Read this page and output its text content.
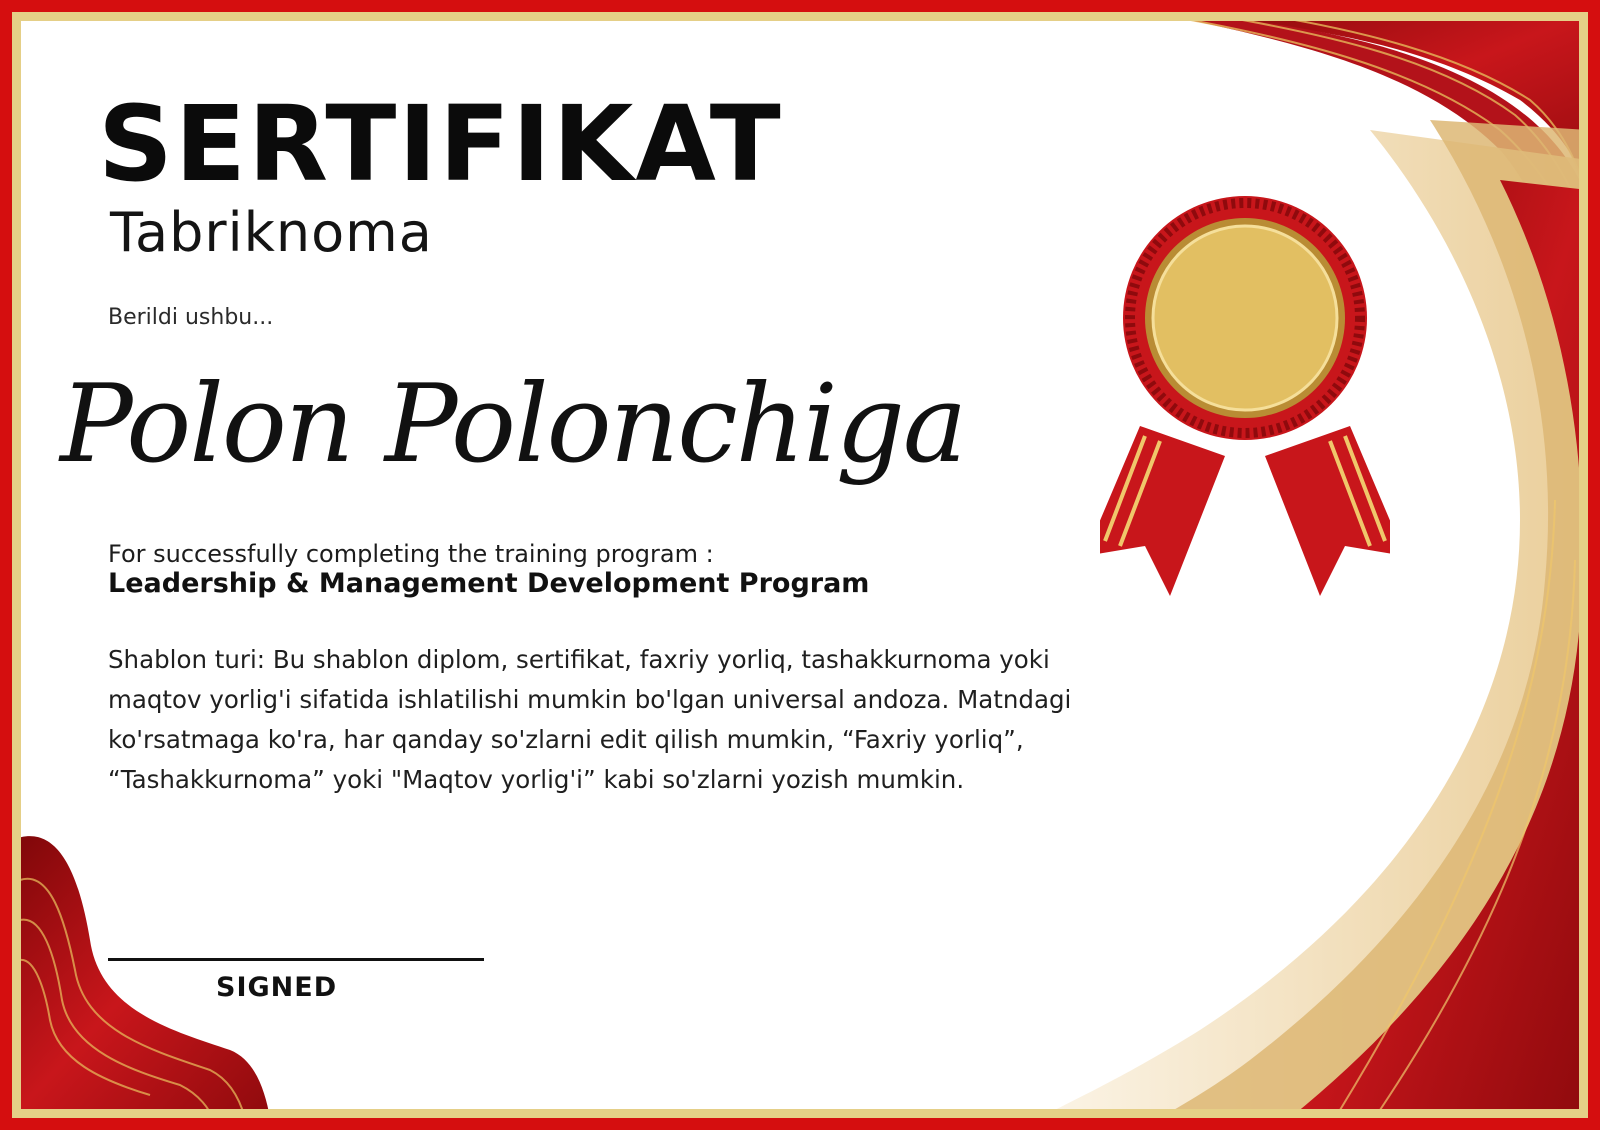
SERTIFIKAT
Tabriknoma
Berildi ushbu...
Polon Polonchiga
For successfully completing the training program :
Leadership & Management Development Program

Shablon turi: Bu shablon diplom, sertifikat, faxriy yorliq, tashakkurnoma yoki maqtov yorlig'i sifatida ishlatilishi mumkin bo'lgan universal andoza. Matndagi ko'rsatmaga ko'ra, har qanday so'zlarni edit qilish mumkin, “Faxriy yorliq”, “Tashakkurnoma” yoki "Maqtov yorlig'i” kabi so'zlarni yozish mumkin.

SIGNED
